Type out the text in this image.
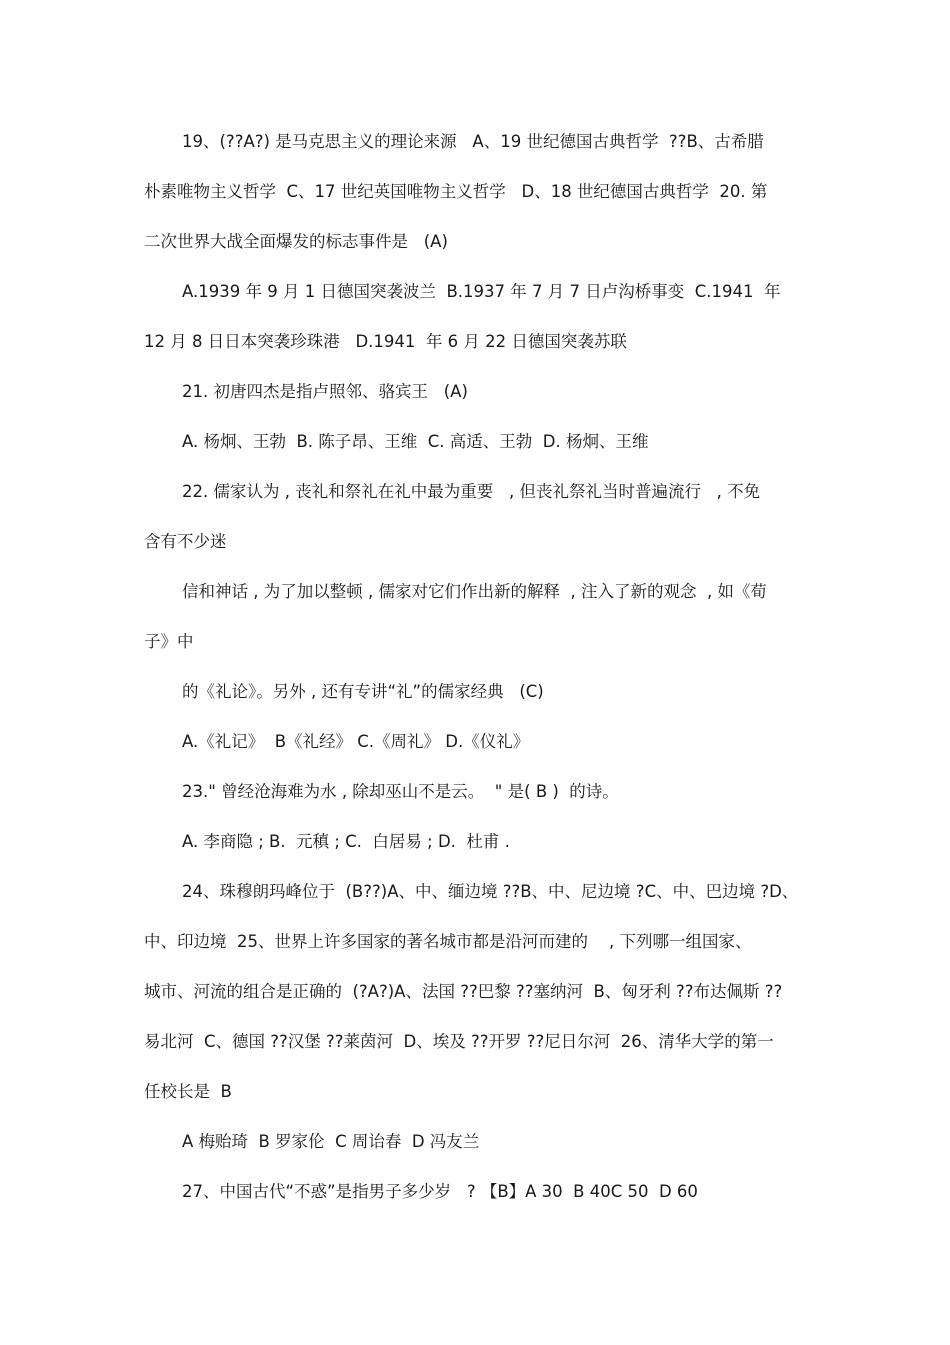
19、(??A?) 是马克思主义的理论来源   A、19 世纪德国古典哲学  ??B、古希腊
朴素唯物主义哲学  C、17 世纪英国唯物主义哲学   D、18 世纪德国古典哲学  20. 第
二次世界大战全面爆发的标志事件是   (A)
A.1939 年 9 月 1 日德国突袭波兰  B.1937 年 7 月 7 日卢沟桥事变  C.1941  年
12 月 8 日日本突袭珍珠港   D.1941  年 6 月 22 日德国突袭苏联
21. 初唐四杰是指卢照邻、骆宾王   (A)
A. 杨炯、王勃  B. 陈子昂、王维  C. 高适、王勃  D. 杨炯、王维
22. 儒家认为 , 丧礼和祭礼在礼中最为重要   , 但丧礼祭礼当时普遍流行   , 不免
含有不少迷
信和神话 , 为了加以整顿 , 儒家对它们作出新的解释  , 注入了新的观念  , 如《荀
子》中
的《礼论》。另外 , 还有专讲“礼”的儒家经典   (C)
A.《礼记》  B《礼经》 C.《周礼》 D.《仪礼》
23." 曾经沧海难为水 , 除却巫山不是云。  " 是( B )  的诗。
A. 李商隐 ; B.  元稹 ; C.  白居易 ; D.  杜甫 .
24、珠穆朗玛峰位于  (B??)A、中、缅边境 ??B、中、尼边境 ?C、中、巴边境 ?D、
中、印边境  25、世界上许多国家的著名城市都是沿河而建的    , 下列哪一组国家、
城市、河流的组合是正确的  (?A?)A、法国 ??巴黎 ??塞纳河  B、匈牙利 ??布达佩斯 ??
易北河  C、德国 ??汉堡 ??莱茵河  D、埃及 ??开罗 ??尼日尔河  26、清华大学的第一
任校长是  B
A 梅贻琦  B 罗家伦  C 周诒春  D 冯友兰
27、中国古代“不惑”是指男子多少岁   ? 【B】A 30  B 40C 50  D 60
